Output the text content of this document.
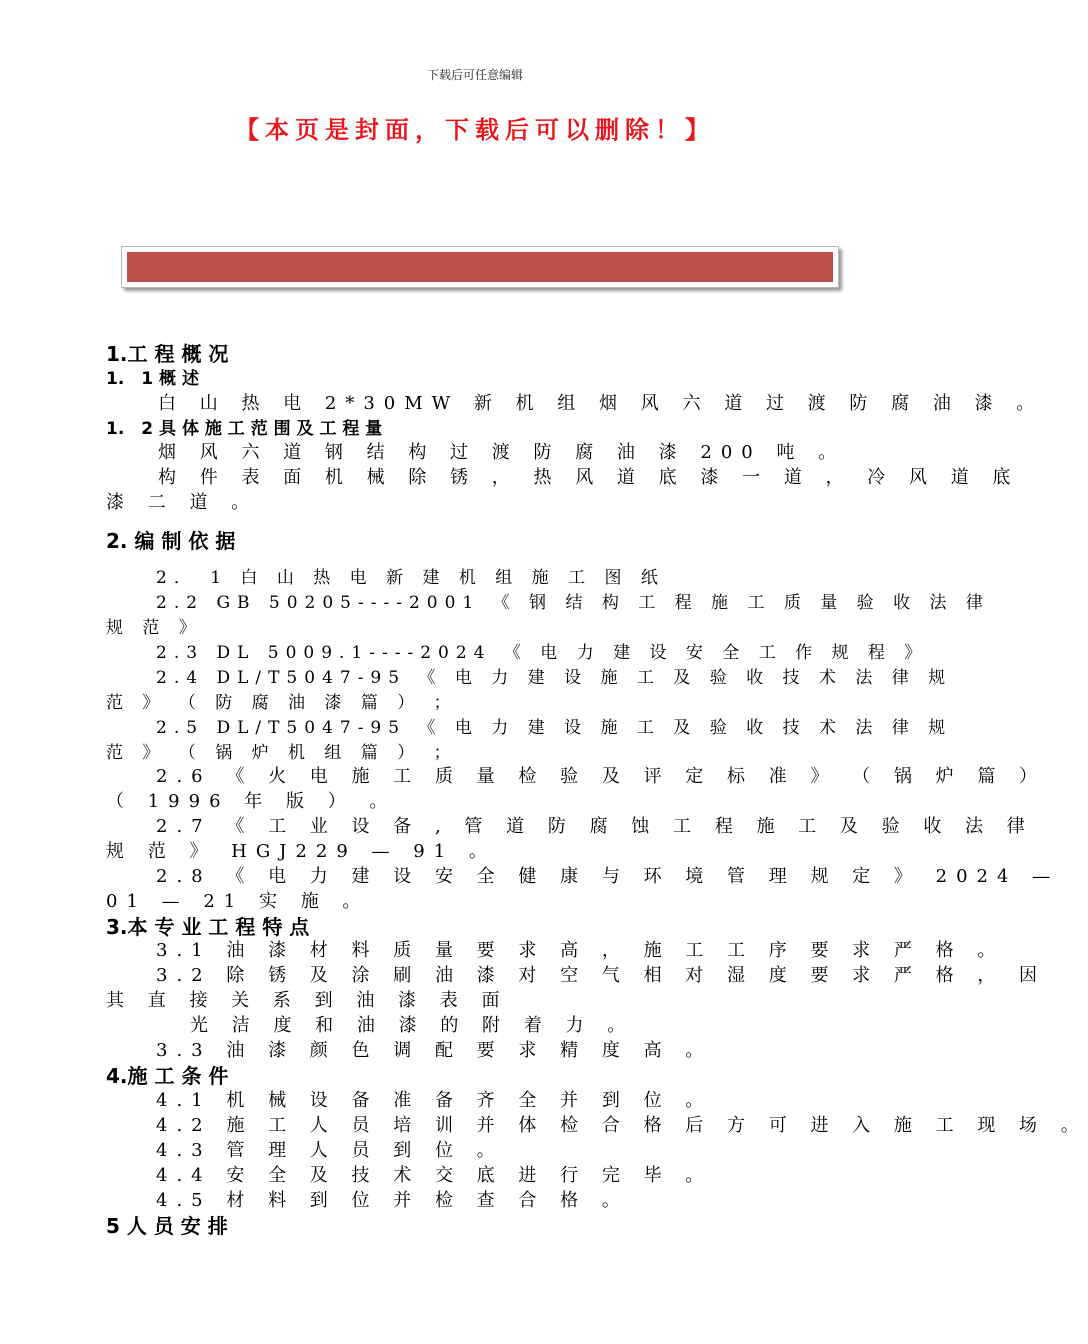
下载后可任意编辑
【本页是封面，下载后可以删除！】
1.工 程 概 况
1.　1 概 述
白 山 热 电 2*30MW 新 机 组 烟 风 六 道 过 渡 防 腐 油 漆 。
1.　2 具 体 施 工 范 围 及 工 程 量
烟 风 六 道 钢 结 构 过 渡 防 腐 油 漆 200 吨 。
构 件 表 面 机 械 除 锈 ， 热 风 道 底 漆 一 道 ， 冷 风 道 底
漆 二 道 。
2. 编 制 依 据
2． 1 白 山 热 电 新 建 机 组 施 工 图 纸
2.2 GB 50205----2001 《 钢 结 构 工 程 施 工 质 量 验 收 法 律
规 范 》
2.3 DL 5009.1----2024 《 电 力 建 设 安 全 工 作 规 程 》
2.4 DL/T5047-95 《 电 力 建 设 施 工 及 验 收 技 术 法 律 规
范 》 （ 防 腐 油 漆 篇 ） ；
2.5 DL/T5047-95 《 电 力 建 设 施 工 及 验 收 技 术 法 律 规
范 》 （ 锅 炉 机 组 篇 ） ；
2.6 《 火 电 施 工 质 量 检 验 及 评 定 标 准 》 （ 锅 炉 篇 ）
（ 1996 年 版 ） 。
2.7 《 工 业 设 备 , 管 道 防 腐 蚀 工 程 施 工 及 验 收 法 律
规 范 》 HGJ229 — 91 。
2.8 《 电 力 建 设 安 全 健 康 与 环 境 管 理 规 定 》 2024 —
01 — 21 实 施 。
3.本 专 业 工 程 特 点
3.1 油 漆 材 料 质 量 要 求 高 ， 施 工 工 序 要 求 严 格 。
3.2 除 锈 及 涂 刷 油 漆 对 空 气 相 对 湿 度 要 求 严 格 ， 因
其 直 接 关 系 到 油 漆 表 面
光 洁 度 和 油 漆 的 附 着 力 。
3.3 油 漆 颜 色 调 配 要 求 精 度 高 。
4.施 工 条 件
4.1 机 械 设 备 准 备 齐 全 并 到 位 。
4.2 施 工 人 员 培 训 并 体 检 合 格 后 方 可 进 入 施 工 现 场 。
4.3 管 理 人 员 到 位 。
4.4 安 全 及 技 术 交 底 进 行 完 毕 。
4.5 材 料 到 位 并 检 查 合 格 。
5 人 员 安 排
